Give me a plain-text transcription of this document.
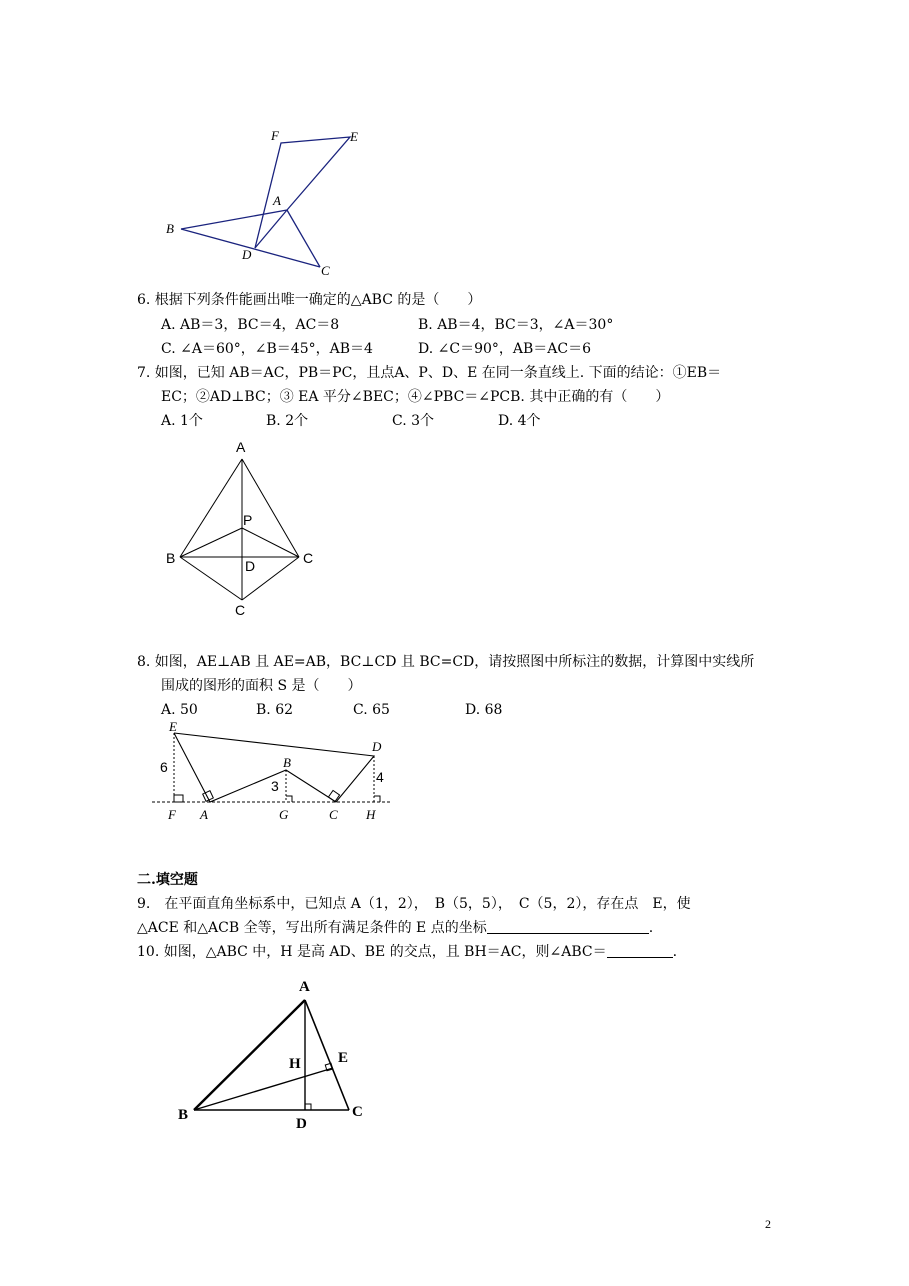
F	E
A
B
D
C
6. 根据下列条件能画出唯一确定的△ABC 的是（　　）
A. AB＝3，BC＝4，AC＝8	B. AB＝4，BC＝3，∠A＝30°
C. ∠A＝60°，∠B＝45°，AB＝4	D. ∠C＝90°，AB＝AC＝6
7. 如图，已知 AB＝AC，PB＝PC，且点A、P、D、E 在同一条直线上. 下面的结论：①EB＝
EC；②AD⊥BC；③ EA 平分∠BEC；④∠PBC＝∠PCB. 其中正确的有（　　）
A. 1个	B. 2个	C. 3个	D. 4个
A
P
B	D	C
C
8. 如图，AE⊥AB 且 AE=AB，BC⊥CD 且 BC=CD，请按照图中所标注的数据，计算图中实线所
围成的图形的面积 S 是（　　）
A. 50	B. 62	C. 65	D. 68
E
D
B
F A	G	C H
6
3
4
二.填空题
9.　在平面直角坐标系中，已知点 A（1，2），　B（5，5），　C（5，2），存在点　E，使
△ACE 和△ACB 全等，写出所有满足条件的 E 点的坐标	.
10. 如图，△ABC 中，H 是高 AD、BE 的交点，且 BH＝AC，则∠ABC＝	.
A
E
H
B
D
C
2
